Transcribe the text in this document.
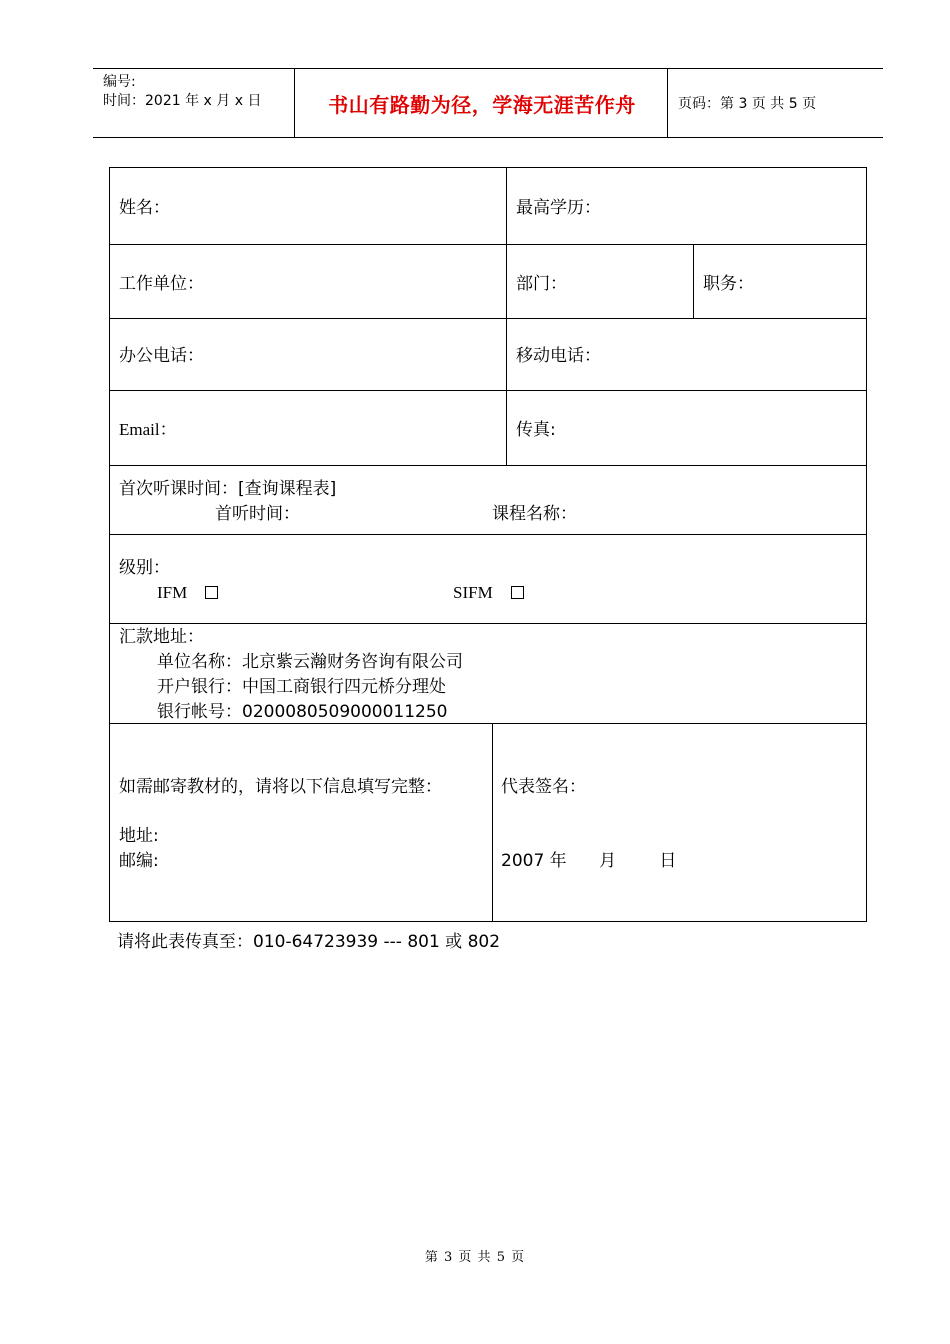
编号:
时间：2021 年 x 月 x 日	书山有路勤为径，学海无涯苦作舟	页码：第 3 页 共 5 页
姓名：	最高学历：
工作单位：	部门：	职务：
办公电话：	移动电话：
Email：	传真:
首次听课时间：[查询课程表]
首听时间：	课程名称：
级别：
IFM	SIFM
汇款地址：
单位名称：北京紫云瀚财务咨询有限公司
开户银行：中国工商银行四元桥分理处
银行帐号：0200080509000011250
如需邮寄教材的，请将以下信息填写完整：
地址:
邮编:
代表签名：
2007 年      月        日
请将此表传真至：010-64723939 --- 801 或 802
第 3 页 共 5 页
